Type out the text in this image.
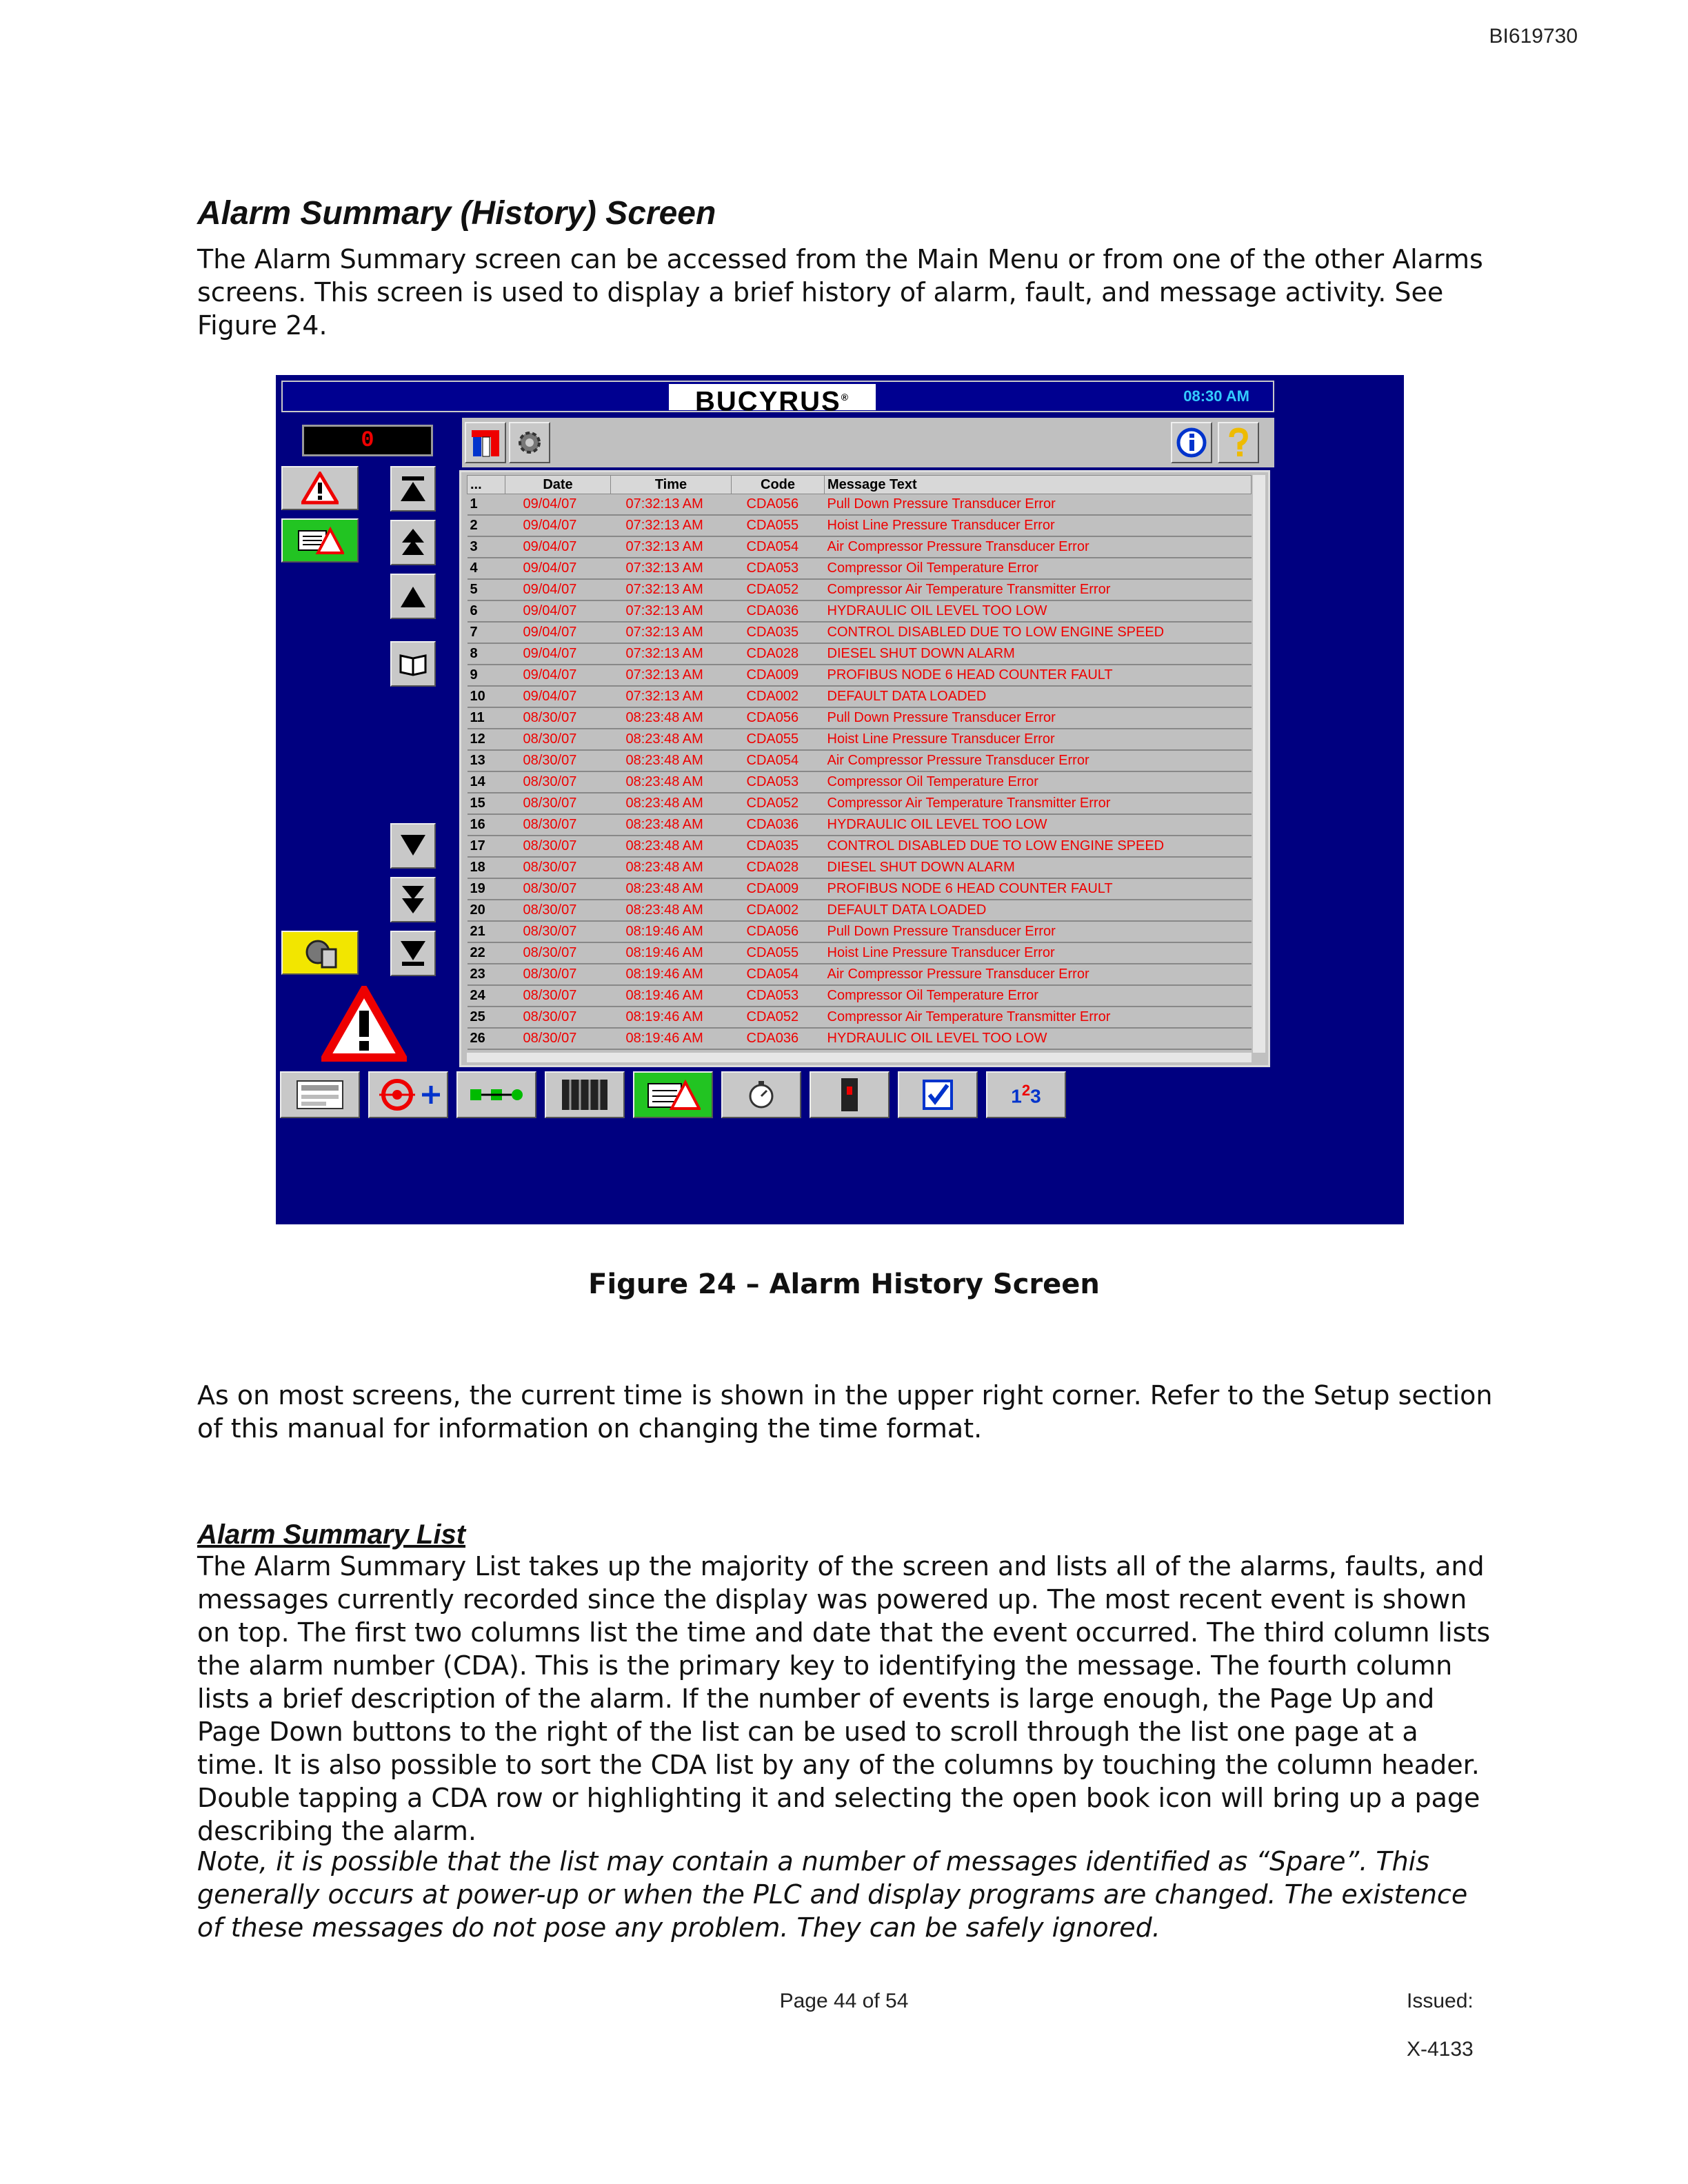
BI619730
Alarm Summary (History) Screen
The Alarm Summary screen can be accessed from the Main Menu or from one of the other Alarms screens. This screen is used to display a brief history of alarm, fault, and message activity. See Figure 24.
BUCYRUS®	08:30 AM
0
...	Date	Time	Code	Message Text
1	09/04/07	07:32:13 AM	CDA056	Pull Down Pressure Transducer Error
2	09/04/07	07:32:13 AM	CDA055	Hoist Line Pressure Transducer Error
3	09/04/07	07:32:13 AM	CDA054	Air Compressor Pressure Transducer Error
4	09/04/07	07:32:13 AM	CDA053	Compressor Oil Temperature Error
5	09/04/07	07:32:13 AM	CDA052	Compressor Air Temperature Transmitter Error
6	09/04/07	07:32:13 AM	CDA036	HYDRAULIC OIL LEVEL TOO LOW
7	09/04/07	07:32:13 AM	CDA035	CONTROL DISABLED DUE TO LOW ENGINE SPEED
8	09/04/07	07:32:13 AM	CDA028	DIESEL SHUT DOWN ALARM
9	09/04/07	07:32:13 AM	CDA009	PROFIBUS NODE 6 HEAD COUNTER FAULT
10	09/04/07	07:32:13 AM	CDA002	DEFAULT DATA LOADED
11	08/30/07	08:23:48 AM	CDA056	Pull Down Pressure Transducer Error
12	08/30/07	08:23:48 AM	CDA055	Hoist Line Pressure Transducer Error
13	08/30/07	08:23:48 AM	CDA054	Air Compressor Pressure Transducer Error
14	08/30/07	08:23:48 AM	CDA053	Compressor Oil Temperature Error
15	08/30/07	08:23:48 AM	CDA052	Compressor Air Temperature Transmitter Error
16	08/30/07	08:23:48 AM	CDA036	HYDRAULIC OIL LEVEL TOO LOW
17	08/30/07	08:23:48 AM	CDA035	CONTROL DISABLED DUE TO LOW ENGINE SPEED
18	08/30/07	08:23:48 AM	CDA028	DIESEL SHUT DOWN ALARM
19	08/30/07	08:23:48 AM	CDA009	PROFIBUS NODE 6 HEAD COUNTER FAULT
20	08/30/07	08:23:48 AM	CDA002	DEFAULT DATA LOADED
21	08/30/07	08:19:46 AM	CDA056	Pull Down Pressure Transducer Error
22	08/30/07	08:19:46 AM	CDA055	Hoist Line Pressure Transducer Error
23	08/30/07	08:19:46 AM	CDA054	Air Compressor Pressure Transducer Error
24	08/30/07	08:19:46 AM	CDA053	Compressor Oil Temperature Error
25	08/30/07	08:19:46 AM	CDA052	Compressor Air Temperature Transmitter Error
26	08/30/07	08:19:46 AM	CDA036	HYDRAULIC OIL LEVEL TOO LOW
$1^23$
Figure 24 – Alarm History Screen
As on most screens, the current time is shown in the upper right corner. Refer to the Setup section of this manual for information on changing the time format.
Alarm Summary List
The Alarm Summary List takes up the majority of the screen and lists all of the alarms, faults, and messages currently recorded since the display was powered up. The most recent event is shown on top. The first two columns list the time and date that the event occurred. The third column lists the alarm number (CDA). This is the primary key to identifying the message. The fourth column lists a brief description of the alarm. If the number of events is large enough, the Page Up and Page Down buttons to the right of the list can be used to scroll through the list one page at a time. It is also possible to sort the CDA list by any of the columns by touching the column header. Double tapping a CDA row or highlighting it and selecting the open book icon will bring up a page describing the alarm.
Note, it is possible that the list may contain a number of messages identified as “Spare”. This generally occurs at power-up or when the PLC and display programs are changed. The existence of these messages do not pose any problem. They can be safely ignored.
Page 44 of 54	Issued:
X-4133
